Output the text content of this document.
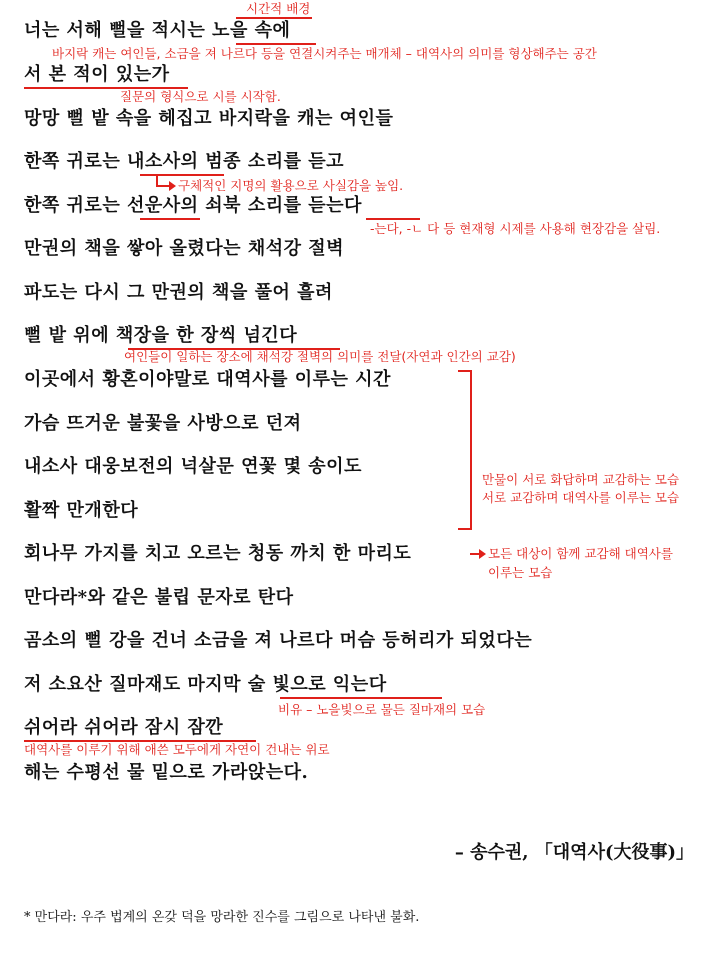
너는 서해 뻘을 적시는 노을 속에
서 본 적이 있는가
망망 뻘 밭 속을 헤집고 바지락을 캐는 여인들
한쪽 귀로는 내소사의 범종 소리를 듣고
한쪽 귀로는 선운사의 쇠북 소리를 듣는다
만권의 책을 쌓아 올렸다는 채석강 절벽
파도는 다시 그 만권의 책을 풀어 흘려
뻘 밭 위에 책장을 한 장씩 넘긴다
이곳에서 황혼이야말로 대역사를 이루는 시간
가슴 뜨거운 불꽃을 사방으로 던져
내소사 대웅보전의 넉살문 연꽃 몇 송이도
활짝 만개한다
회나무 가지를 치고 오르는 청동 까치 한 마리도
만다라*와 같은 불립 문자로 탄다
곰소의 뻘 강을 건너 소금을 져 나르다 머슴 등허리가 되었다는
저 소요산 질마재도 마지막 술 빛으로 익는다
쉬어라 쉬어라 잠시 잠깐
해는 수평선 물 밑으로 가라앉는다.
시간적 배경
바지락 캐는 여인들, 소금을 져 나르다 등을 연결시켜주는 매개체 – 대역사의 의미를 형상해주는 공간
질문의 형식으로 시를 시작함.
구체적인 지명의 활용으로 사실감을 높임.
-는다, -ㄴ 다 등 현재형 시제를 사용해 현장감을 살림.
여인들이 일하는 장소에 채석강 절벽의 의미를 전달(자연과 인간의 교감)
만물이 서로 화답하며 교감하는 모습
서로 교감하며 대역사를 이루는 모습
모든 대상이 함께 교감해 대역사를
이루는 모습
비유 – 노을빛으로 물든 질마재의 모습
대역사를 이루기 위해 애쓴 모두에게 자연이 건내는 위로
– 송수권, 「대역사(大役事)」
* 만다라: 우주 법계의 온갖 덕을 망라한 진수를 그림으로 나타낸 불화.
